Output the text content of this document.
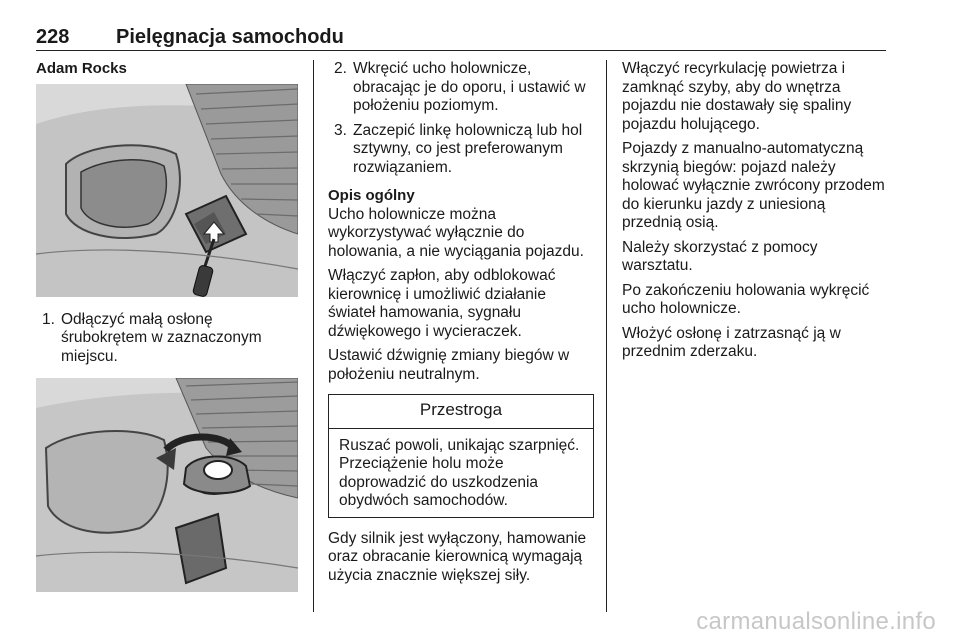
228 Pielęgnacja samochodu
Adam Rocks
1. Odłączyć małą osłonę śrubokrętem w zaznaczonym miejscu.
2. Wkręcić ucho holownicze, obracając je do oporu, i ustawić w położeniu poziomym.
3. Zaczepić linkę holowniczą lub hol sztywny, co jest preferowanym rozwiązaniem.
Opis ogólny

Ucho holownicze można wykorzystywać wyłącznie do holowania, a nie wyciągania pojazdu.

Włączyć zapłon, aby odblokować kierownicę i umożliwić działanie świateł hamowania, sygnału dźwiękowego i wycieraczek.

Ustawić dźwignię zmiany biegów w położeniu neutralnym.

Przestroga
Ruszać powoli, unikając szarpnięć. Przeciążenie holu może doprowadzić do uszkodzenia obydwóch samochodów.

Gdy silnik jest wyłączony, hamowanie oraz obracanie kierownicą wymagają użycia znacznie większej siły.

Włączyć recyrkulację powietrza i zamknąć szyby, aby do wnętrza pojazdu nie dostawały się spaliny pojazdu holującego.

Pojazdy z manualno-automatyczną skrzynią biegów: pojazd należy holować wyłącznie zwrócony przodem do kierunku jazdy z uniesioną przednią osią.

Należy skorzystać z pomocy warsztatu.

Po zakończeniu holowania wykręcić ucho holownicze.

Włożyć osłonę i zatrzasnąć ją w przednim zderzaku.

carmanualsonline.info
